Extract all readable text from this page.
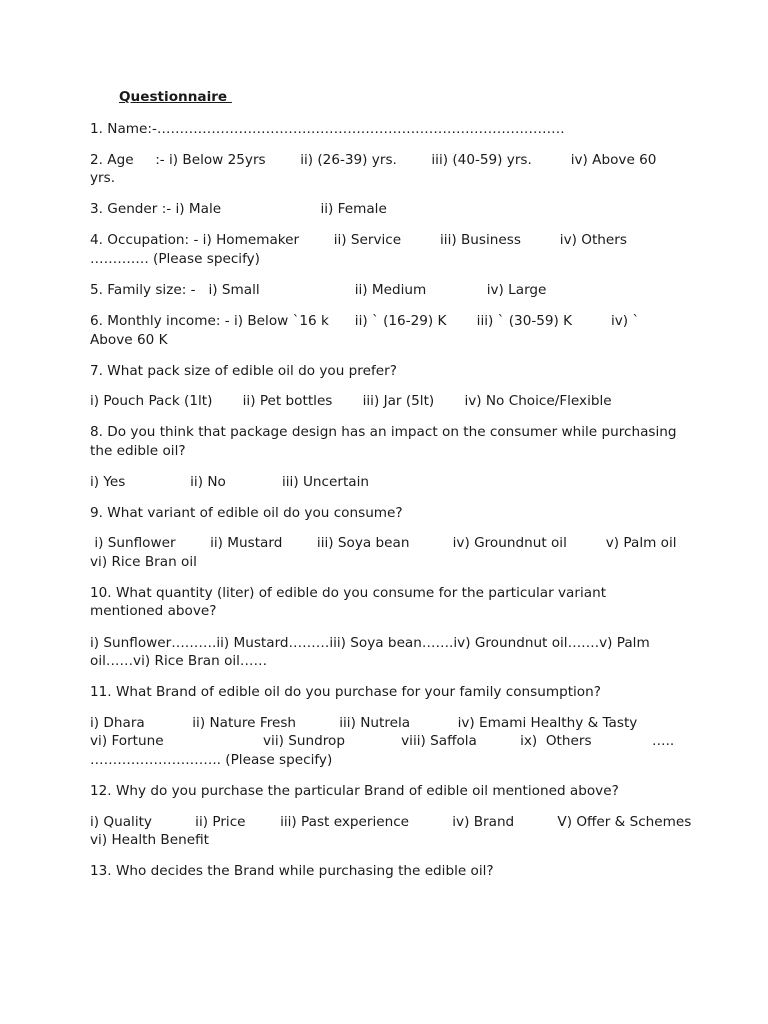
Questionnaire

1. Name:-………………………………………………………………………………

2. Age     :- i) Below 25yrs        ii) (26-39) yrs.        iii) (40-59) yrs.         iv) Above 60

yrs.

3. Gender :- i) Male                       ii) Female

4. Occupation: - i) Homemaker        ii) Service         iii) Business         iv) Others

…………. (Please specify)

5. Family size: -   i) Small                      ii) Medium              iv) Large

6. Monthly income: - i) Below `16 k      ii) ` (16-29) K       iii) ` (30-59) K         iv) `

Above 60 K

7. What pack size of edible oil do you prefer?

i) Pouch Pack (1lt)       ii) Pet bottles       iii) Jar (5lt)       iv) No Choice/Flexible

8. Do you think that package design has an impact on the consumer while purchasing

the edible oil?

i) Yes               ii) No             iii) Uncertain

9. What variant of edible oil do you consume?

i) Sunflower        ii) Mustard        iii) Soya bean          iv) Groundnut oil         v) Palm oil

vi) Rice Bran oil

10. What quantity (liter) of edible do you consume for the particular variant

mentioned above?

i) Sunflower……….ii) Mustard………iii) Soya bean…….iv) Groundnut oil…….v) Palm

oil……vi) Rice Bran oil……

11. What Brand of edible oil do you purchase for your family consumption?

i) Dhara           ii) Nature Fresh          iii) Nutrela           iv) Emami Healthy & Tasty

vi) Fortune                       vii) Sundrop             viii) Saffola          ix)  Others              …..

……………………….. (Please specify)

12. Why do you purchase the particular Brand of edible oil mentioned above?

i) Quality          ii) Price        iii) Past experience          iv) Brand          V) Offer & Schemes

vi) Health Benefit

13. Who decides the Brand while purchasing the edible oil?
